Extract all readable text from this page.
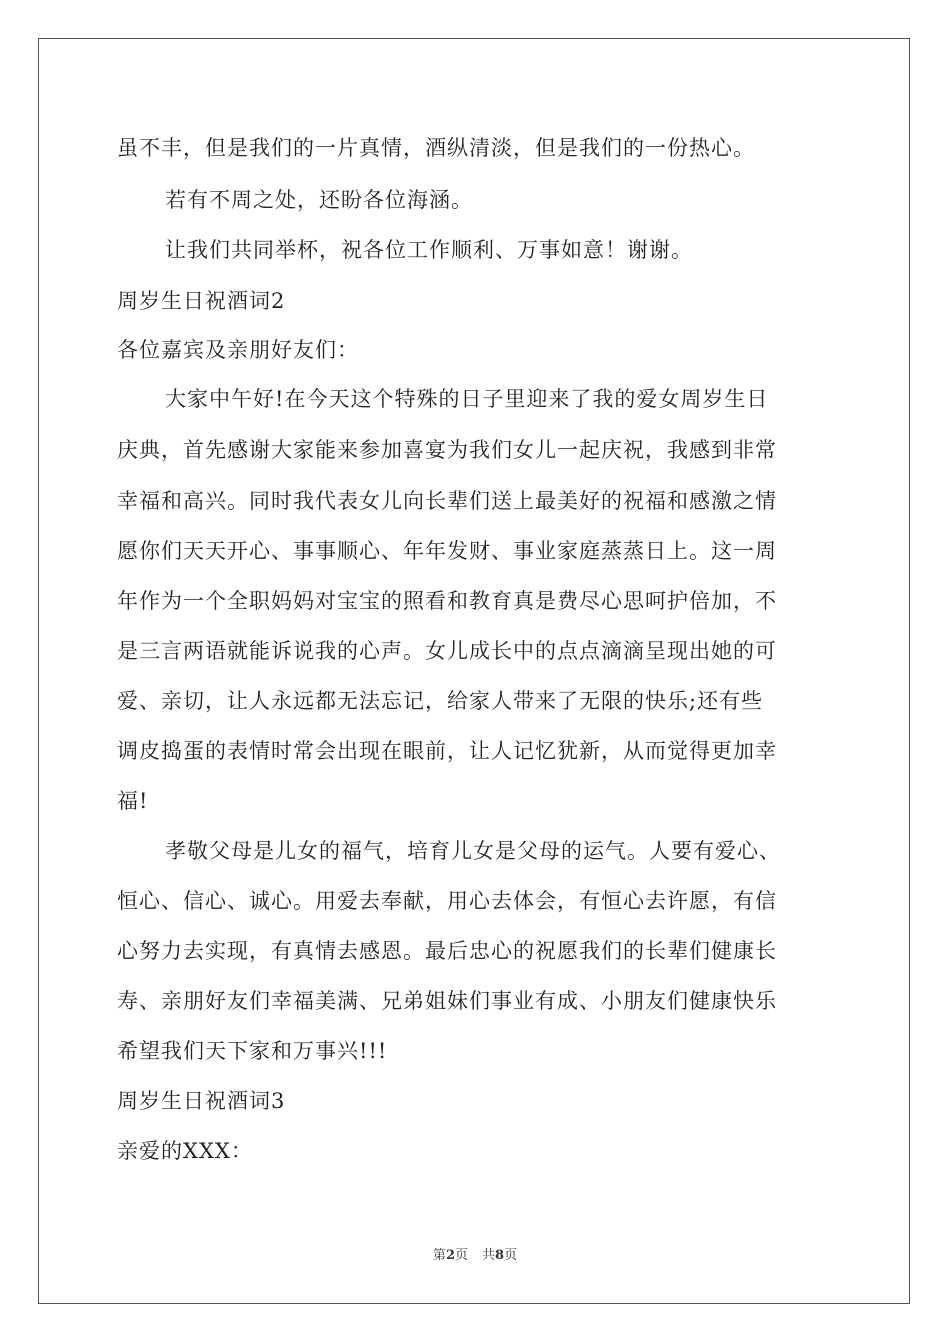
虽不丰，但是我们的一片真情，酒纵清淡，但是我们的一份热心。
若有不周之处，还盼各位海涵。
让我们共同举杯，祝各位工作顺利、万事如意！谢谢。
周岁生日祝酒词2
各位嘉宾及亲朋好友们：
大家中午好!在今天这个特殊的日子里迎来了我的爱女周岁生日
庆典，首先感谢大家能来参加喜宴为我们女儿一起庆祝，我感到非常
幸福和高兴。同时我代表女儿向长辈们送上最美好的祝福和感激之情
愿你们天天开心、事事顺心、年年发财、事业家庭蒸蒸日上。这一周
年作为一个全职妈妈对宝宝的照看和教育真是费尽心思呵护倍加，不
是三言两语就能诉说我的心声。女儿成长中的点点滴滴呈现出她的可
爱、亲切，让人永远都无法忘记，给家人带来了无限的快乐;还有些
调皮捣蛋的表情时常会出现在眼前，让人记忆犹新，从而觉得更加幸
福!
孝敬父母是儿女的福气，培育儿女是父母的运气。人要有爱心、
恒心、信心、诚心。用爱去奉献，用心去体会，有恒心去许愿，有信
心努力去实现，有真情去感恩。最后忠心的祝愿我们的长辈们健康长
寿、亲朋好友们幸福美满、兄弟姐妹们事业有成、小朋友们健康快乐
希望我们天下家和万事兴!!!
周岁生日祝酒词3
亲爱的XXX：
第2页 共8页
